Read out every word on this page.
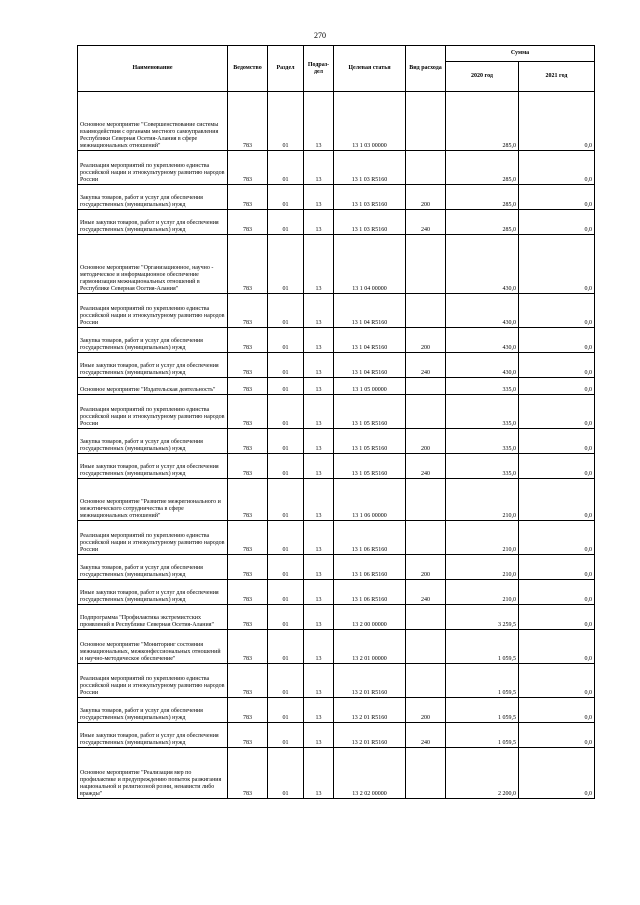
270
Наименование	Ведомство	Раздел	Подраз-дел	Целевая статья	Вид расхода	Сумма	
						2020 год	2021 год
Основное мероприятие "Совершенствование системы взаимодействия с органами местного самоуправления Республики Северная Осетия-Алания в сфере межнациональных отношений"	783	01	13	13 1 03 00000		285,0	0,0
Реализация мероприятий по укреплению единства российской нации и этнокультурному развитию народов России	783	01	13	13 1 03 R5160		285,0	0,0
Закупка товаров, работ и услуг для обеспечения государственных (муниципальных) нужд	783	01	13	13 1 03 R5160	200	285,0	0,0
Иные закупки товаров, работ и услуг для обеспечения государственных (муниципальных) нужд	783	01	13	13 1 03 R5160	240	285,0	0,0
Основное мероприятие "Организационное, научно - методическое и информационное обеспечение гармонизации межнациональных отношений в Республике Северная Осетия-Алания"	783	01	13	13 1 04 00000		430,0	0,0
Реализация мероприятий по укреплению единства российской нации и этнокультурному развитию народов России	783	01	13	13 1 04 R5160		430,0	0,0
Закупка товаров, работ и услуг для обеспечения государственных (муниципальных) нужд	783	01	13	13 1 04 R5160	200	430,0	0,0
Иные закупки товаров, работ и услуг для обеспечения государственных (муниципальных) нужд	783	01	13	13 1 04 R5160	240	430,0	0,0
Основное мероприятие "Издательская деятельность"	783	01	13	13 1 05 00000		335,0	0,0
Реализация мероприятий по укреплению единства российской нации и этнокультурному развитию народов России	783	01	13	13 1 05 R5160		335,0	0,0
Закупка товаров, работ и услуг для обеспечения государственных (муниципальных) нужд	783	01	13	13 1 05 R5160	200	335,0	0,0
Иные закупки товаров, работ и услуг для обеспечения государственных (муниципальных) нужд	783	01	13	13 1 05 R5160	240	335,0	0,0
Основное мероприятие "Развитие межрегионального и межэтнического сотрудничества в сфере межнациональных отношений"	783	01	13	13 1 06 00000		210,0	0,0
Реализация мероприятий по укреплению единства российской нации и этнокультурному развитию народов России	783	01	13	13 1 06 R5160		210,0	0,0
Закупка товаров, работ и услуг для обеспечения государственных (муниципальных) нужд	783	01	13	13 1 06 R5160	200	210,0	0,0
Иные закупки товаров, работ и услуг для обеспечения государственных (муниципальных) нужд	783	01	13	13 1 06 R5160	240	210,0	0,0
Подпрограмма "Профилактика экстремистских проявлений в Республике Северная Осетия-Алания"	783	01	13	13 2 00 00000		3 259,5	0,0
Основное мероприятие "Мониторинг состояния межнациональных, межконфессиональных отношений и научно-методическое обеспечение"	783	01	13	13 2 01 00000		1 059,5	0,0
Реализация мероприятий по укреплению единства российской нации и этнокультурному развитию народов России	783	01	13	13 2 01 R5160		1 059,5	0,0
Закупка товаров, работ и услуг для обеспечения государственных (муниципальных) нужд	783	01	13	13 2 01 R5160	200	1 059,5	0,0
Иные закупки товаров, работ и услуг для обеспечения государственных (муниципальных) нужд	783	01	13	13 2 01 R5160	240	1 059,5	0,0
Основное мероприятие "Реализация мер по профилактике и предупреждению попыток разжигания национальной и религиозной розни, ненависти либо вражды"	783	01	13	13 2 02 00000		2 200,0	0,0
